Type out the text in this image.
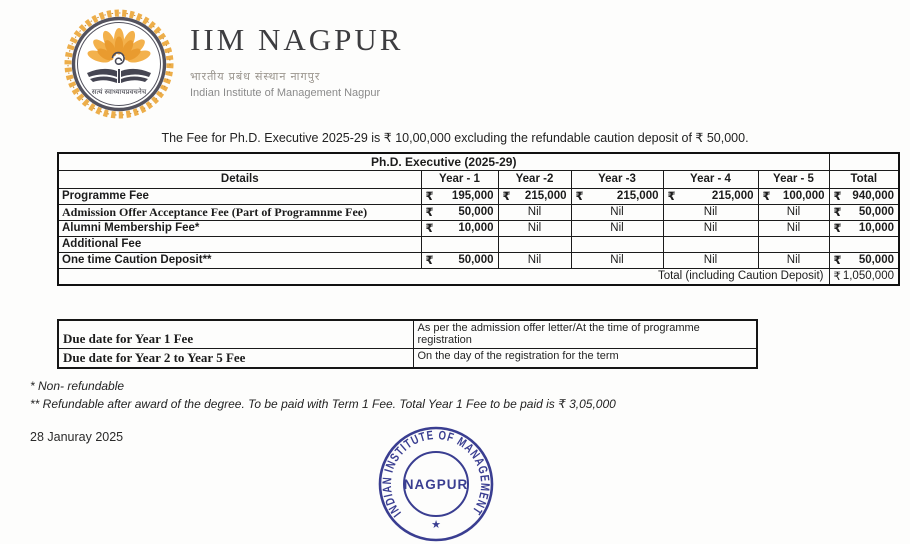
सत्यं स्वाध्यायप्रवचनेच
IIM NAGPUR
भारतीय प्रबंध संस्थान नागपुर
Indian Institute of Management Nagpur
The Fee for Ph.D. Executive 2025-29 is ₹ 10,00,000 excluding the refundable caution deposit of ₹ 50,000.
Ph.D. Executive (2025-29)						
Details	Year - 1	Year -2	Year -3	Year - 4	Year - 5	Total
Programme Fee	₹ 195,000	₹ 215,000	₹ 215,000	₹ 215,000	₹ 100,000	₹ 940,000

Admission Offer Acceptance Fee (Part of Programnme Fee)	₹ 50,000	Nil	Nil	Nil	Nil	₹ 50,000

Alumni Membership Fee*	₹ 10,000	Nil	Nil	Nil	Nil	₹ 10,000

Additional Fee						
One time Caution Deposit**	₹ 50,000	Nil	Nil	Nil	Nil	₹ 50,000

Total (including Caution Deposit)						₹ 1,050,000
Due date for Year 1 Fee	As per the admission offer letter/At the time of programme registration
Due date for Year 2 to Year 5 Fee	On the day of the registration for the term
* Non- refundable
** Refundable after award of the degree. To be paid with Term 1 Fee. Total Year 1 Fee to be paid is ₹ 3,05,000
28 Januray 2025
INDIAN INSTITUTE OF MANAGEMENT
NAGPUR
★
